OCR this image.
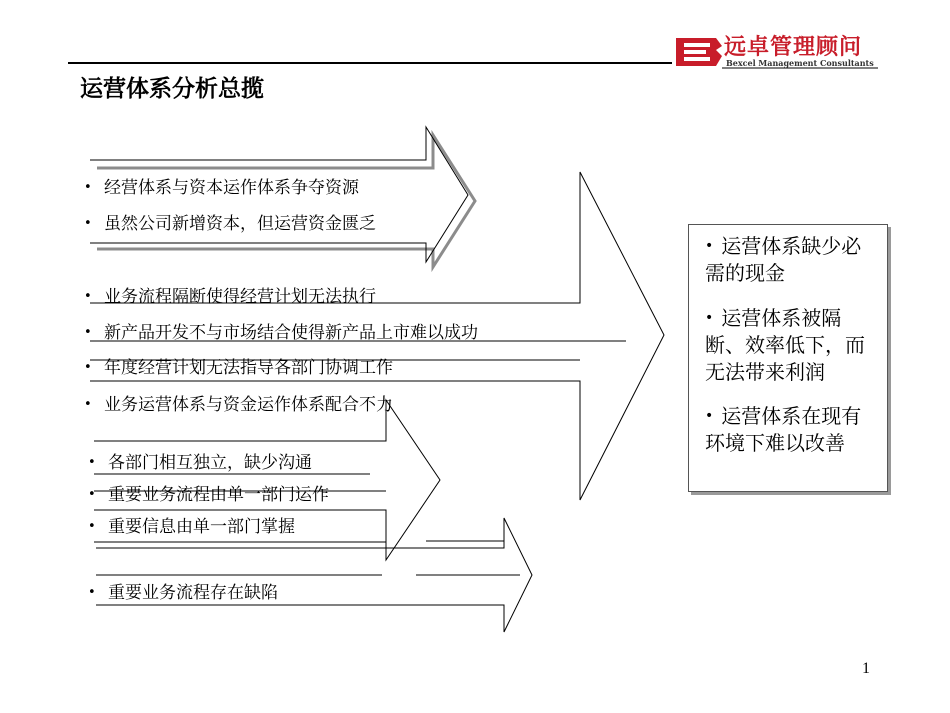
运营体系分析总揽
远卓管理顾问
Bexcel Management Consultants
• 经营体系与资本运作体系争夺资源
• 虽然公司新增资本，但运营资金匮乏
• 业务流程隔断使得经营计划无法执行
• 新产品开发不与市场结合使得新产品上市难以成功
• 年度经营计划无法指导各部门协调工作
• 业务运营体系与资金运作体系配合不力
• 各部门相互独立，缺少沟通
• 重要业务流程由单一部门运作
• 重要信息由单一部门掌握
• 重要业务流程存在缺陷
• 运营体系缺少必需的现金
• 运营体系被隔断、效率低下，而无法带来利润
• 运营体系在现有环境下难以改善
1
